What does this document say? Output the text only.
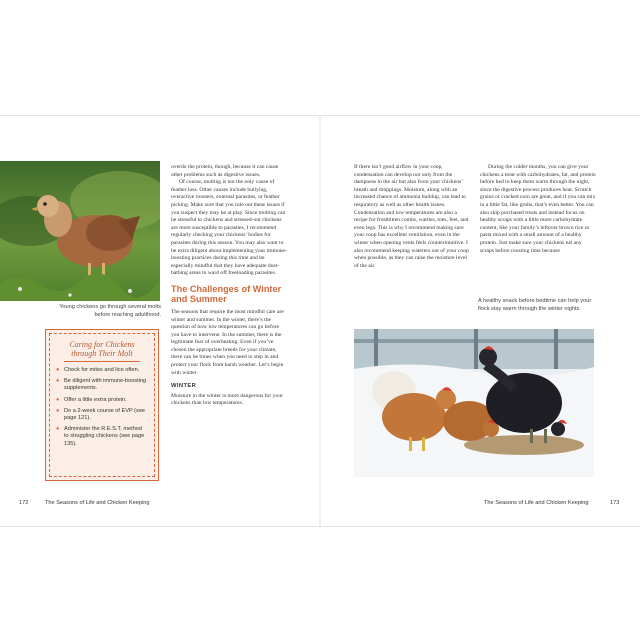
Young chickens go through several molts before reaching adulthood.
Caring for Chickens
through Their Molt
● Check for mites and lice often.
● Be diligent with immune-boosting supplements.
● Offer a little extra protein.
● Do a 2-week course of EVP (see page 121).
● Administer the R.E.S.T. method to struggling chickens (see page 135).

overdo the protein, though, because it can cause other problems such as digestive issues.

Of course, molting is not the only cause of feather loss. Other causes include bullying, overactive roosters, external parasites, or feather picking. Make sure that you rule out these issues if you suspect they may be at play. Since molting can be stressful to chickens and stressed-out chickens are more susceptible to parasites, I recommend regularly checking your chickens’ bodies for parasites during this season. You may also want to be extra diligent about implementing your immune-boosting practices during this time and be especially mindful that they have adequate dust-bathing areas to ward off freeloading parasites.

The Challenges of Winter and Summer

The seasons that require the most mindful care are winter and summer. In the winter, there’s the question of how low temperatures can go before you have to intervene. In the summer, there is the legitimate fear of overheating. Even if you’ve chosen the appropriate breeds for your climate, there can be times when you need to step in and protect your flock from harsh weather. Let’s begin with winter.

WINTER

Moisture in the winter is more dangerous for your chickens than low temperatures.

If there isn’t good airflow in your coop, condensation can develop not only from the dampness in the air but also from your chickens’ breath and droppings. Moisture, along with an increased chance of ammonia buildup, can lead to respiratory as well as other health issues. Condensation and low temperatures are also a recipe for frostbitten combs, wattles, toes, feet, and even legs. This is why I recommend making sure your coop has excellent ventilation, even in the winter when opening vents feels counterintuitive. I also recommend keeping waterers out of your coop when possible, as they can raise the moisture level of the air.

During the colder months, you can give your chickens a treat with carbohydrates, fat, and protein before bed to keep them warm through the night, since the digestive process produces heat. Scratch grains or cracked corn are great, and if you can mix in a little fat, like grubs, that’s even better. You can also skip purchased treats and instead focus on healthy scraps with a little more carbohydrate content, like your family’s leftover brown rice or pasta mixed with a small amount of a healthy protein. Just make sure your chickens eat any scraps before roosting time because

A healthy snack before bedtime can help your flock stay warm through the winter nights.
172	The Seasons of Life and Chicken Keeping	The Seasons of Life and Chicken Keeping	173
